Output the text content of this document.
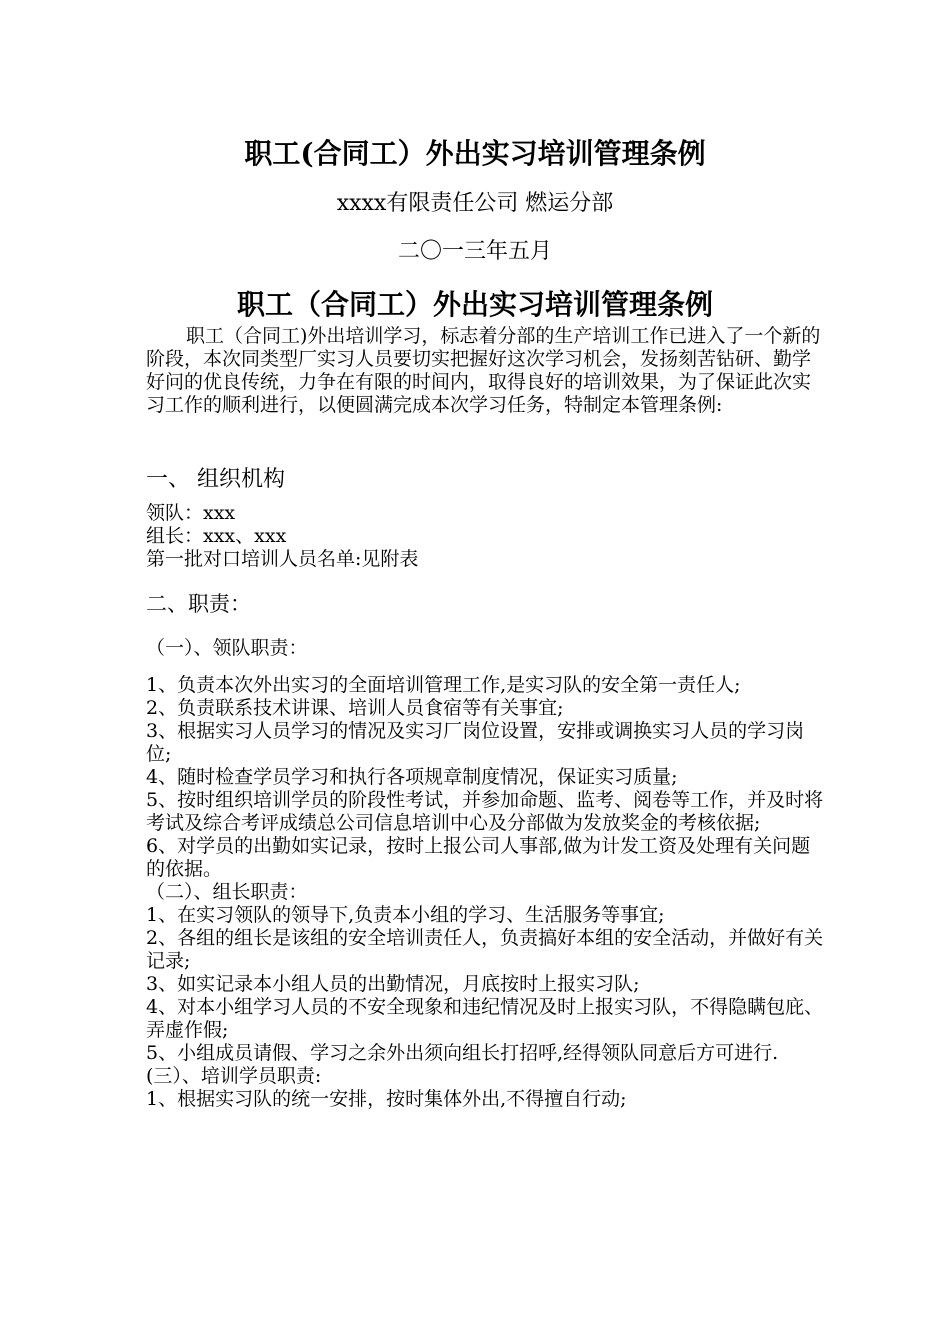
职工(合同工）外出实习培训管理条例
xxxx有限责任公司 燃运分部
二〇一三年五月
职工（合同工）外出实习培训管理条例
职工（合同工)外出培训学习，标志着分部的生产培训工作已进入了一个新的阶段，本次同类型厂实习人员要切实把握好这次学习机会，发扬刻苦钻研、勤学好问的优良传统，力争在有限的时间内，取得良好的培训效果，为了保证此次实习工作的顺利进行，以便圆满完成本次学习任务，特制定本管理条例:
一、 组织机构
领队：xxx
组长：xxx、xxx
第一批对口培训人员名单:见附表
二、职责：
（一）、领队职责：
1、负责本次外出实习的全面培训管理工作,是实习队的安全第一责任人;
2、负责联系技术讲课、培训人员食宿等有关事宜;
3、根据实习人员学习的情况及实习厂岗位设置，安排或调换实习人员的学习岗位;
4、随时检查学员学习和执行各项规章制度情况，保证实习质量;
5、按时组织培训学员的阶段性考试，并参加命题、监考、阅卷等工作，并及时将考试及综合考评成绩总公司信息培训中心及分部做为发放奖金的考核依据;
6、对学员的出勤如实记录，按时上报公司人事部,做为计发工资及处理有关问题的依据。
（二）、组长职责：
1、在实习领队的领导下,负责本小组的学习、生活服务等事宜;
2、各组的组长是该组的安全培训责任人，负责搞好本组的安全活动，并做好有关记录;
3、如实记录本小组人员的出勤情况，月底按时上报实习队;
4、对本小组学习人员的不安全现象和违纪情况及时上报实习队，不得隐瞒包庇、弄虚作假;
5、小组成员请假、学习之余外出须向组长打招呼,经得领队同意后方可进行.
(三）、培训学员职责:
1、根据实习队的统一安排，按时集体外出,不得擅自行动;
